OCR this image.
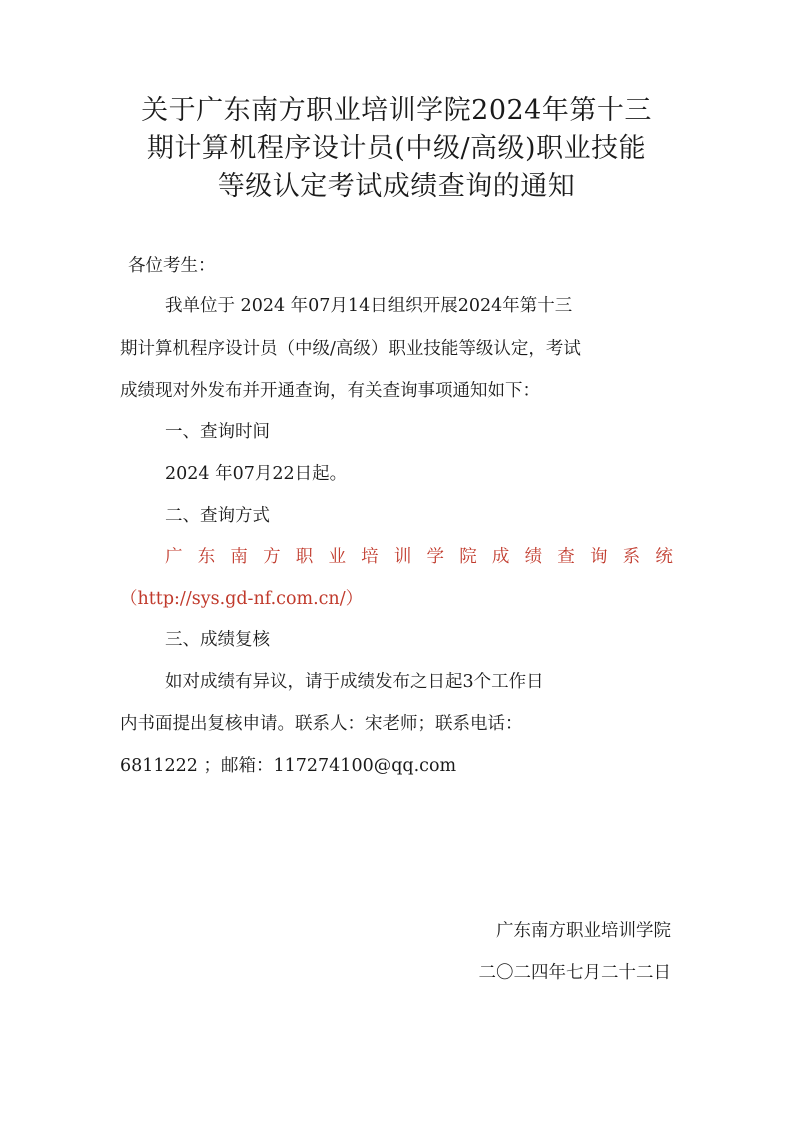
关于广东南方职业培训学院2024年第十三
期计算机程序设计员(中级/高级)职业技能
等级认定考试成绩查询的通知
各位考生：
我单位于 2024 年07月14日组织开展2024年第十三
期计算机程序设计员（中级/高级）职业技能等级认定，考试
成绩现对外发布并开通查询，有关查询事项通知如下：
一、查询时间
2024 年07月22日起。
二、查询方式
广 东 南 方 职 业 培 训 学 院 成 绩 查 询 系 统
（http://sys.gd-nf.com.cn/）
三、成绩复核
如对成绩有异议，请于成绩发布之日起3个工作日
内书面提出复核申请。联系人：宋老师；联系电话：
6811222 ；邮箱：117274100@qq.com
广东南方职业培训学院
二〇二四年七月二十二日
